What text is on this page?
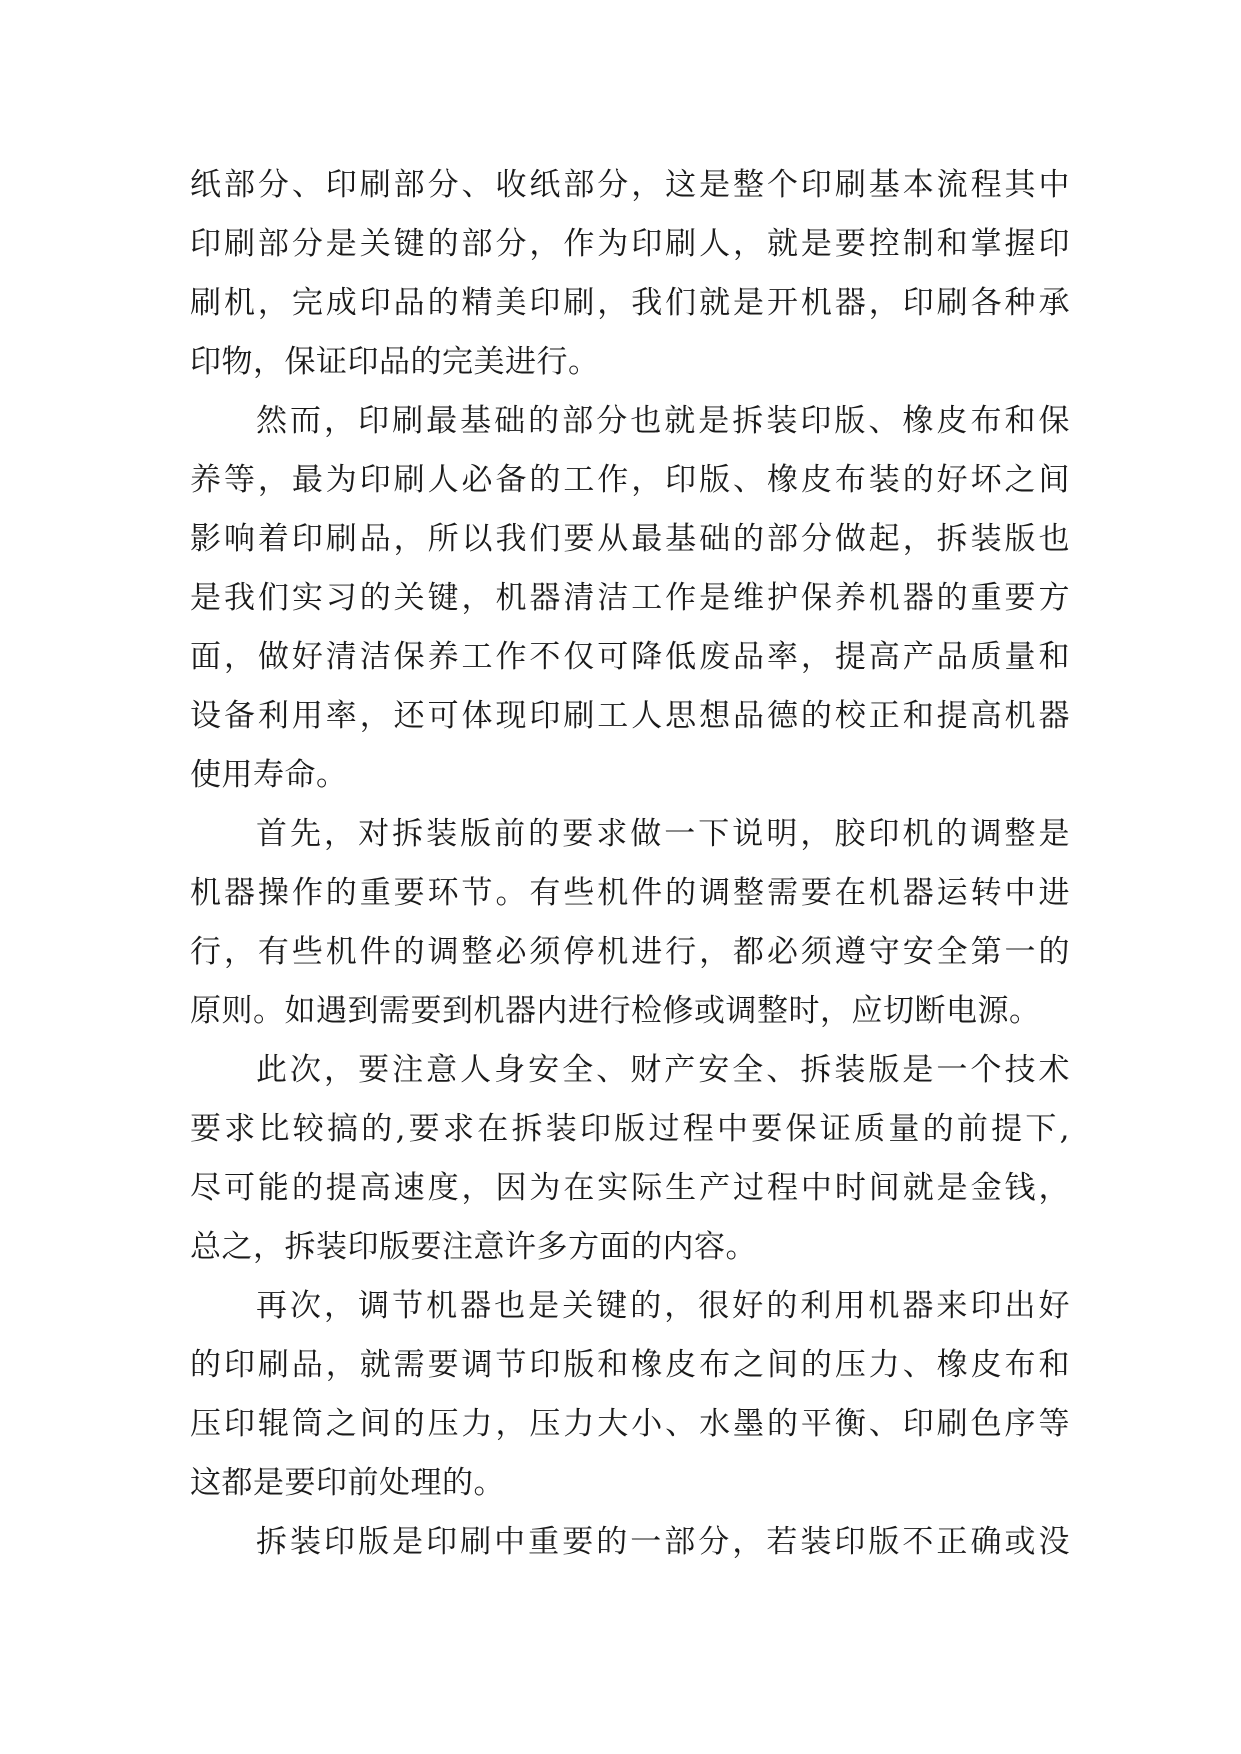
纸部分、印刷部分、收纸部分，这是整个印刷基本流程其中
印刷部分是关键的部分，作为印刷人，就是要控制和掌握印
刷机，完成印品的精美印刷，我们就是开机器，印刷各种承
印物，保证印品的完美进行。
然而，印刷最基础的部分也就是拆装印版、橡皮布和保
养等，最为印刷人必备的工作，印版、橡皮布装的好坏之间
影响着印刷品，所以我们要从最基础的部分做起，拆装版也
是我们实习的关键，机器清洁工作是维护保养机器的重要方
面，做好清洁保养工作不仅可降低废品率，提高产品质量和
设备利用率，还可体现印刷工人思想品德的校正和提高机器
使用寿命。
首先，对拆装版前的要求做一下说明，胶印机的调整是
机器操作的重要环节。有些机件的调整需要在机器运转中进
行，有些机件的调整必须停机进行，都必须遵守安全第一的
原则。如遇到需要到机器内进行检修或调整时，应切断电源。
此次，要注意人身安全、财产安全、拆装版是一个技术
要求比较搞的,要求在拆装印版过程中要保证质量的前提下,
尽可能的提高速度，因为在实际生产过程中时间就是金钱，
总之，拆装印版要注意许多方面的内容。
再次，调节机器也是关键的，很好的利用机器来印出好
的印刷品，就需要调节印版和橡皮布之间的压力、橡皮布和
压印辊筒之间的压力，压力大小、水墨的平衡、印刷色序等
这都是要印前处理的。
拆装印版是印刷中重要的一部分，若装印版不正确或没
